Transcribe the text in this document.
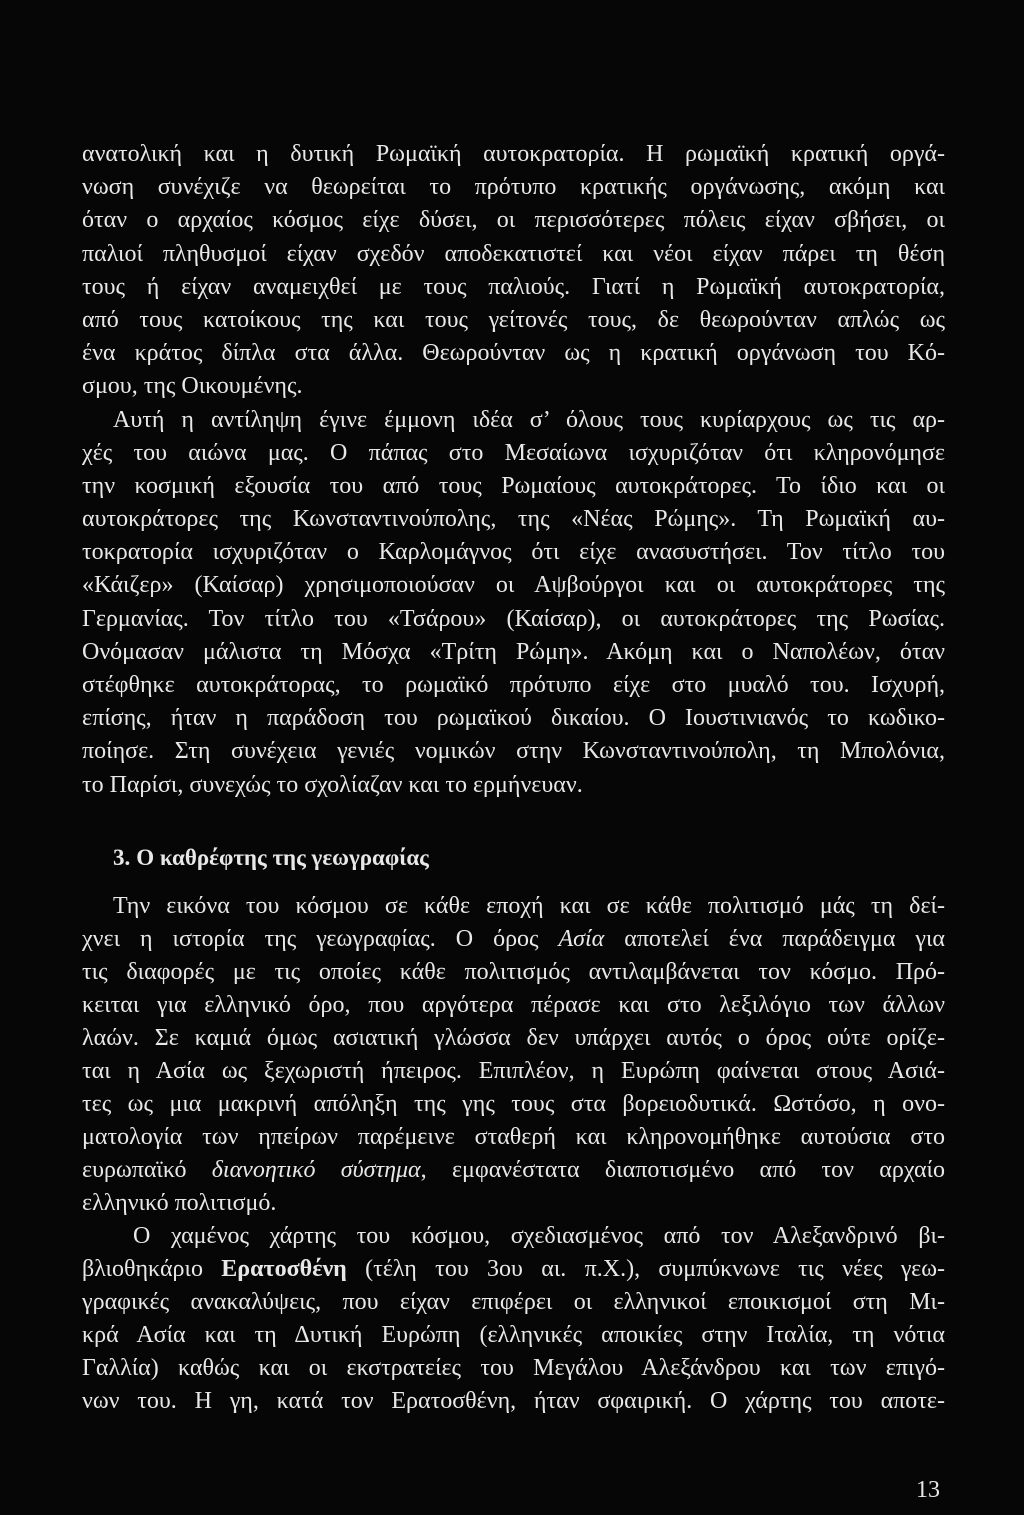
ανατολική και η δυτική Ρωμαϊκή αυτοκρατορία. Η ρωμαϊκή κρατική οργά-
νωση συνέχιζε να θεωρείται το πρότυπο κρατικής οργάνωσης, ακόμη και
όταν ο αρχαίος κόσμος είχε δύσει, οι περισσότερες πόλεις είχαν σβήσει, οι
παλιοί πληθυσμοί είχαν σχεδόν αποδεκατιστεί και νέοι είχαν πάρει τη θέση
τους ή είχαν αναμειχθεί με τους παλιούς. Γιατί η Ρωμαϊκή αυτοκρατορία,
από τους κατοίκους της και τους γείτονές τους, δε θεωρούνταν απλώς ως
ένα κράτος δίπλα στα άλλα. Θεωρούνταν ως η κρατική οργάνωση του Κό-
σμου, της Οικουμένης.
Αυτή η αντίληψη έγινε έμμονη ιδέα σ’ όλους τους κυρίαρχους ως τις αρ-
χές του αιώνα μας. Ο πάπας στο Μεσαίωνα ισχυριζόταν ότι κληρονόμησε
την κοσμική εξουσία του από τους Ρωμαίους αυτοκράτορες. Το ίδιο και οι
αυτοκράτορες της Κωνσταντινούπολης, της «Νέας Ρώμης». Τη Ρωμαϊκή αυ-
τοκρατορία ισχυριζόταν ο Καρλομάγνος ότι είχε ανασυστήσει. Τον τίτλο του
«Κάιζερ» (Καίσαρ) χρησιμοποιούσαν οι Αψβούργοι και οι αυτοκράτορες της
Γερμανίας. Τον τίτλο του «Τσάρου» (Καίσαρ), οι αυτοκράτορες της Ρωσίας.
Ονόμασαν μάλιστα τη Μόσχα «Τρίτη Ρώμη». Ακόμη και ο Ναπολέων, όταν
στέφθηκε αυτοκράτορας, το ρωμαϊκό πρότυπο είχε στο μυαλό του. Ισχυρή,
επίσης, ήταν η παράδοση του ρωμαϊκού δικαίου. Ο Ιουστινιανός το κωδικο-
ποίησε. Στη συνέχεια γενιές νομικών στην Κωνσταντινούπολη, τη Μπολόνια,
το Παρίσι, συνεχώς το σχολίαζαν και το ερμήνευαν.
3. Ο καθρέφτης της γεωγραφίας
Την εικόνα του κόσμου σε κάθε εποχή και σε κάθε πολιτισμό μάς τη δεί-
χνει η ιστορία της γεωγραφίας. Ο όρος Ασία αποτελεί ένα παράδειγμα για
τις διαφορές με τις οποίες κάθε πολιτισμός αντιλαμβάνεται τον κόσμο. Πρό-
κειται για ελληνικό όρο, που αργότερα πέρασε και στο λεξιλόγιο των άλλων
λαών. Σε καμιά όμως ασιατική γλώσσα δεν υπάρχει αυτός ο όρος ούτε ορίζε-
ται η Ασία ως ξεχωριστή ήπειρος. Επιπλέον, η Ευρώπη φαίνεται στους Ασιά-
τες ως μια μακρινή απόληξη της γης τους στα βορειοδυτικά. Ωστόσο, η ονο-
ματολογία των ηπείρων παρέμεινε σταθερή και κληρονομήθηκε αυτούσια στο
ευρωπαϊκό διανοητικό σύστημα, εμφανέστατα διαποτισμένο από τον αρχαίο
ελληνικό πολιτισμό.
Ο χαμένος χάρτης του κόσμου, σχεδιασμένος από τον Αλεξανδρινό βι-
βλιοθηκάριο Ερατοσθένη (τέλη του 3ου αι. π.Χ.), συμπύκνωνε τις νέες γεω-
γραφικές ανακαλύψεις, που είχαν επιφέρει οι ελληνικοί εποικισμοί στη Μι-
κρά Ασία και τη Δυτική Ευρώπη (ελληνικές αποικίες στην Ιταλία, τη νότια
Γαλλία) καθώς και οι εκστρατείες του Μεγάλου Αλεξάνδρου και των επιγό-
νων του. Η γη, κατά τον Ερατοσθένη, ήταν σφαιρική. Ο χάρτης του αποτε-
13
